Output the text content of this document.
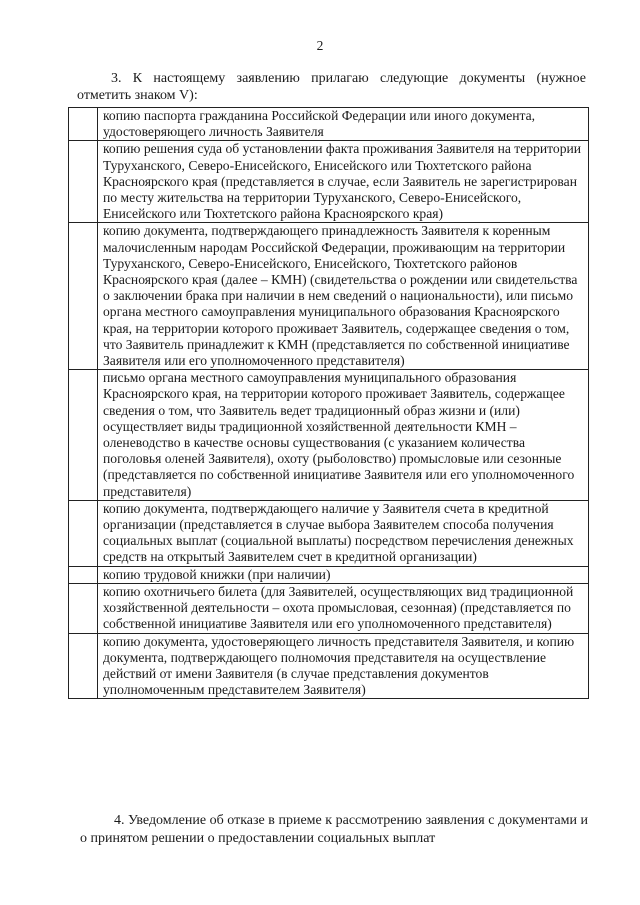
2
3. К настоящему заявлению прилагаю следующие документы (нужное отметить знаком V):
	копию паспорта гражданина Российской Федерации или иного документа, удостоверяющего личность Заявителя
	копию решения суда об установлении факта проживания Заявителя на территории Туруханского, Северо-Енисейского, Енисейского или Тюхтетского района Красноярского края (представляется в случае, если Заявитель не зарегистрирован по месту жительства на территории Туруханского, Северо-Енисейского, Енисейского или Тюхтетского района Красноярского края)
	копию документа, подтверждающего принадлежность Заявителя к коренным малочисленным народам Российской Федерации, проживающим на территории Туруханского, Северо-Енисейского, Енисейского, Тюхтетского районов Красноярского края (далее – КМН) (свидетельства о рождении или свидетельства о заключении брака при наличии в нем сведений о национальности), или письмо органа местного самоуправления муниципального образования Красноярского края, на территории которого проживает Заявитель, содержащее сведения о том, что Заявитель принадлежит к КМН (представляется по собственной инициативе Заявителя или его уполномоченного представителя)
	письмо органа местного самоуправления муниципального образования Красноярского края, на территории которого проживает Заявитель, содержащее сведения о том, что Заявитель ведет традиционный образ жизни и (или) осуществляет виды традиционной хозяйственной деятельности КМН – оленеводство в качестве основы существования (с указанием количества поголовья оленей Заявителя), охоту (рыболовство) промысловые или сезонные (представляется по собственной инициативе Заявителя или его уполномоченного представителя)
	копию документа, подтверждающего наличие у Заявителя счета в кредитной организации (представляется в случае выбора Заявителем способа получения социальных выплат (социальной выплаты) посредством перечисления денежных средств на открытый Заявителем счет в кредитной организации)
	копию трудовой книжки (при наличии)
	копию охотничьего билета (для Заявителей, осуществляющих вид традиционной хозяйственной деятельности – охота промысловая, сезонная) (представляется по собственной инициативе Заявителя или его уполномоченного представителя)
	копию документа, удостоверяющего личность представителя Заявителя, и копию документа, подтверждающего полномочия представителя на осуществление действий от имени Заявителя (в случае представления документов уполномоченным представителем Заявителя)
4. Уведомление об отказе в приеме к рассмотрению заявления с документами и о принятом решении о предоставлении социальных выплат
